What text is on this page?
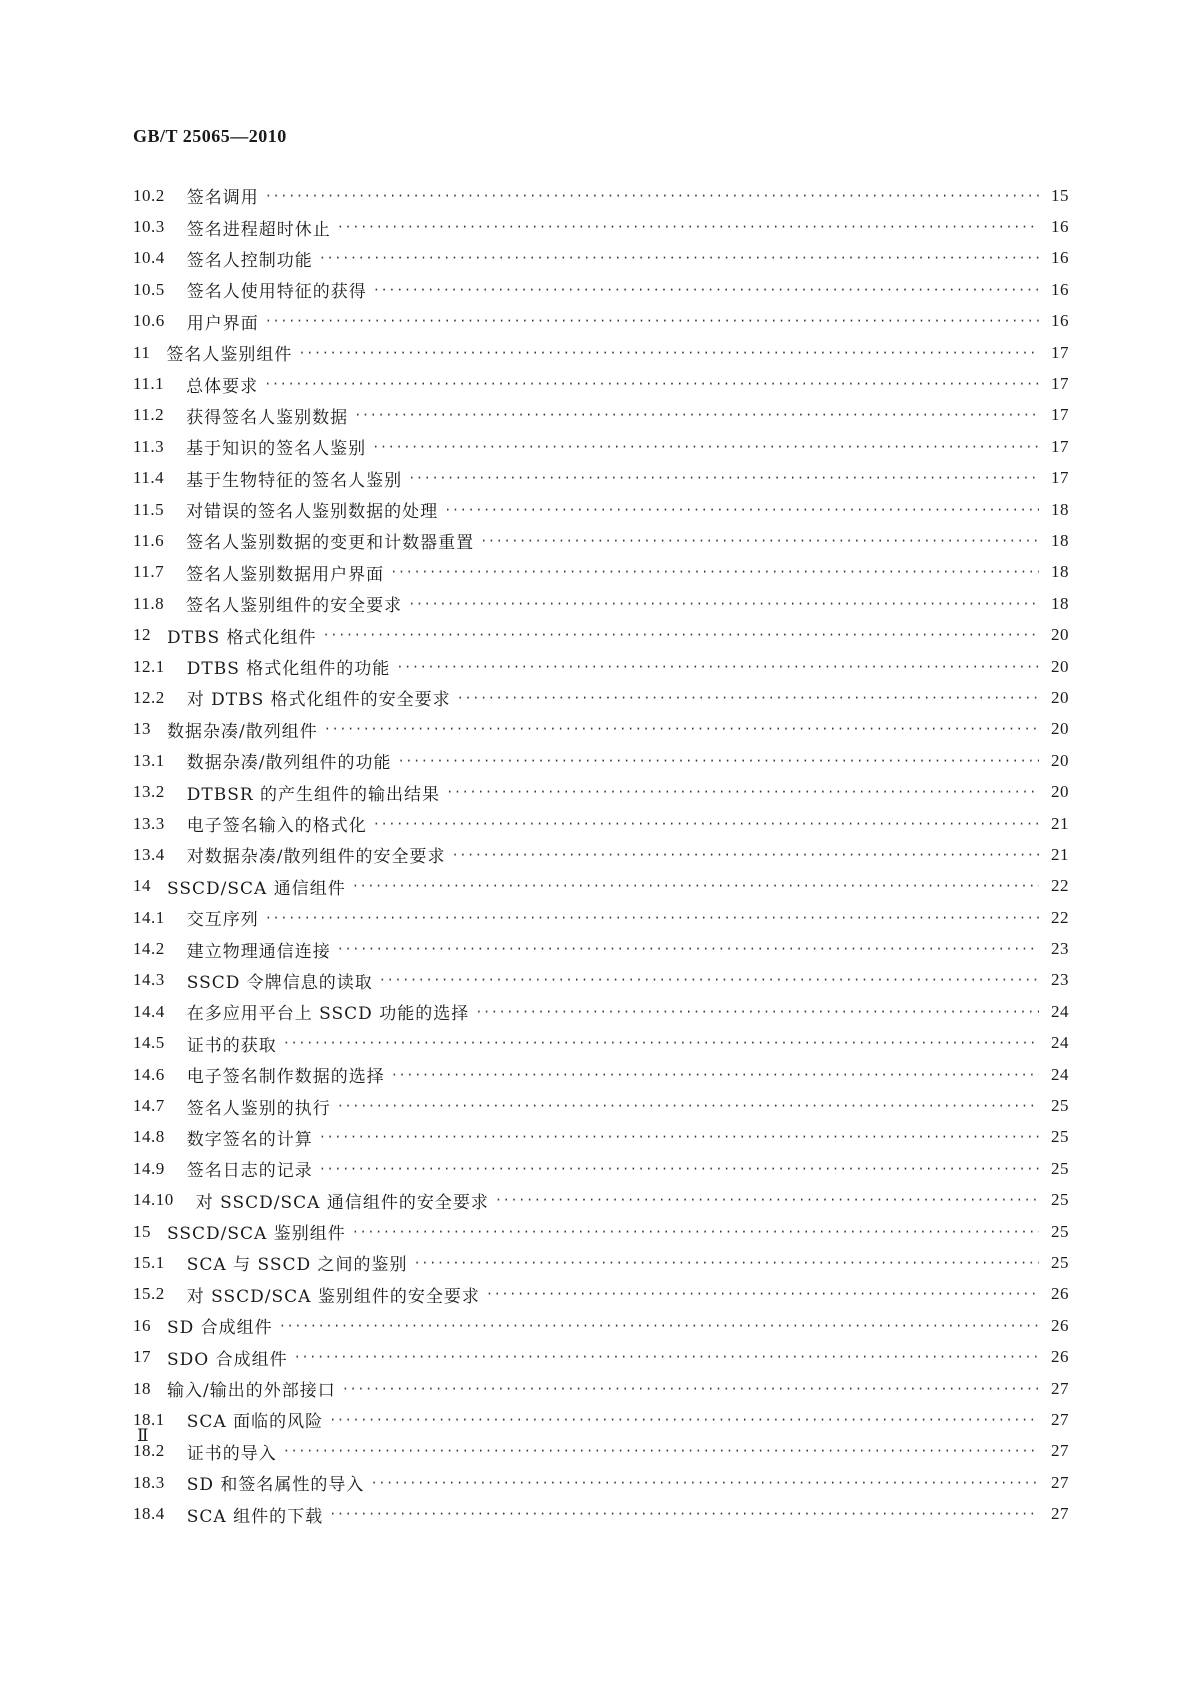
GB/T 25065—2010
10.2	签名调用 ·····	15
10.3	签名进程超时休止 ·····	16
10.4	签名人控制功能 ·····	16
10.5	签名人使用特征的获得 ·····	16
10.6	用户界面 ·····	16
11 签名人鉴别组件 ·····	17
11.1	总体要求 ·····	17
11.2	获得签名人鉴别数据 ·····	17
11.3	基于知识的签名人鉴别 ·····	17
11.4	基于生物特征的签名人鉴别 ·····	17
11.5	对错误的签名人鉴别数据的处理 ·····	18
11.6	签名人鉴别数据的变更和计数器重置 ·····	18
11.7	签名人鉴别数据用户界面 ·····	18
11.8	签名人鉴别组件的安全要求 ·····	18
12 DTBS 格式化组件 ·····	20
12.1	DTBS 格式化组件的功能 ·····	20
12.2	对 DTBS 格式化组件的安全要求 ·····	20
13 数据杂凑/散列组件 ·····	20
13.1	数据杂凑/散列组件的功能 ·····	20
13.2	DTBSR 的产生组件的输出结果 ·····	20
13.3	电子签名输入的格式化 ·····	21
13.4	对数据杂凑/散列组件的安全要求 ·····	21
14 SSCD/SCA 通信组件 ·····	22
14.1	交互序列 ·····	22
14.2	建立物理通信连接 ·····	23
14.3	SSCD 令牌信息的读取 ·····	23
14.4	在多应用平台上 SSCD 功能的选择 ·····	24
14.5	证书的获取 ·····	24
14.6	电子签名制作数据的选择 ·····	24
14.7	签名人鉴别的执行 ·····	25
14.8	数字签名的计算 ·····	25
14.9	签名日志的记录 ·····	25
14.10	对 SSCD/SCA 通信组件的安全要求 ·····	25
15 SSCD/SCA 鉴别组件 ·····	25
15.1	SCA 与 SSCD 之间的鉴别 ·····	25
15.2	对 SSCD/SCA 鉴别组件的安全要求 ·····	26
16 SD 合成组件 ·····	26
17 SDO 合成组件 ·····	26
18 输入/输出的外部接口 ·····	27
18.1	SCA 面临的风险 ·····	27
18.2	证书的导入 ·····	27
18.3	SD 和签名属性的导入 ·····	27
18.4	SCA 组件的下载 ·····	27
Ⅱ
